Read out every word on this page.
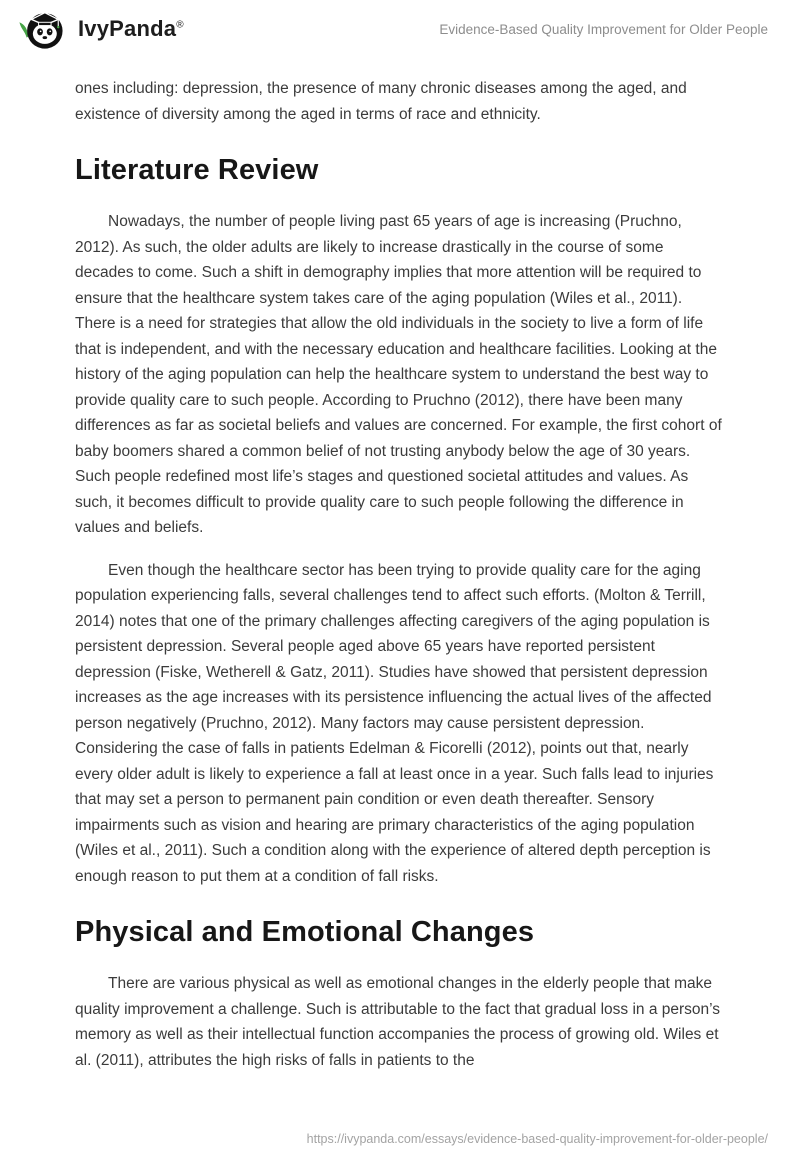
IvyPanda®	Evidence-Based Quality Improvement for Older People

ones including: depression, the presence of many chronic diseases among the aged, and existence of diversity among the aged in terms of race and ethnicity.

Literature Review

Nowadays, the number of people living past 65 years of age is increasing (Pruchno, 2012). As such, the older adults are likely to increase drastically in the course of some decades to come. Such a shift in demography implies that more attention will be required to ensure that the healthcare system takes care of the aging population (Wiles et al., 2011). There is a need for strategies that allow the old individuals in the society to live a form of life that is independent, and with the necessary education and healthcare facilities. Looking at the history of the aging population can help the healthcare system to understand the best way to provide quality care to such people. According to Pruchno (2012), there have been many differences as far as societal beliefs and values are concerned. For example, the first cohort of baby boomers shared a common belief of not trusting anybody below the age of 30 years. Such people redefined most life’s stages and questioned societal attitudes and values. As such, it becomes difficult to provide quality care to such people following the difference in values and beliefs.

Even though the healthcare sector has been trying to provide quality care for the aging population experiencing falls, several challenges tend to affect such efforts. (Molton & Terrill, 2014) notes that one of the primary challenges affecting caregivers of the aging population is persistent depression. Several people aged above 65 years have reported persistent depression (Fiske, Wetherell & Gatz, 2011). Studies have showed that persistent depression increases as the age increases with its persistence influencing the actual lives of the affected person negatively (Pruchno, 2012). Many factors may cause persistent depression. Considering the case of falls in patients Edelman & Ficorelli (2012), points out that, nearly every older adult is likely to experience a fall at least once in a year. Such falls lead to injuries that may set a person to permanent pain condition or even death thereafter. Sensory impairments such as vision and hearing are primary characteristics of the aging population (Wiles et al., 2011). Such a condition along with the experience of altered depth perception is enough reason to put them at a condition of fall risks.

Physical and Emotional Changes

There are various physical as well as emotional changes in the elderly people that make quality improvement a challenge. Such is attributable to the fact that gradual loss in a person’s memory as well as their intellectual function accompanies the process of growing old. Wiles et al. (2011), attributes the high risks of falls in patients to the

https://ivypanda.com/essays/evidence-based-quality-improvement-for-older-people/
